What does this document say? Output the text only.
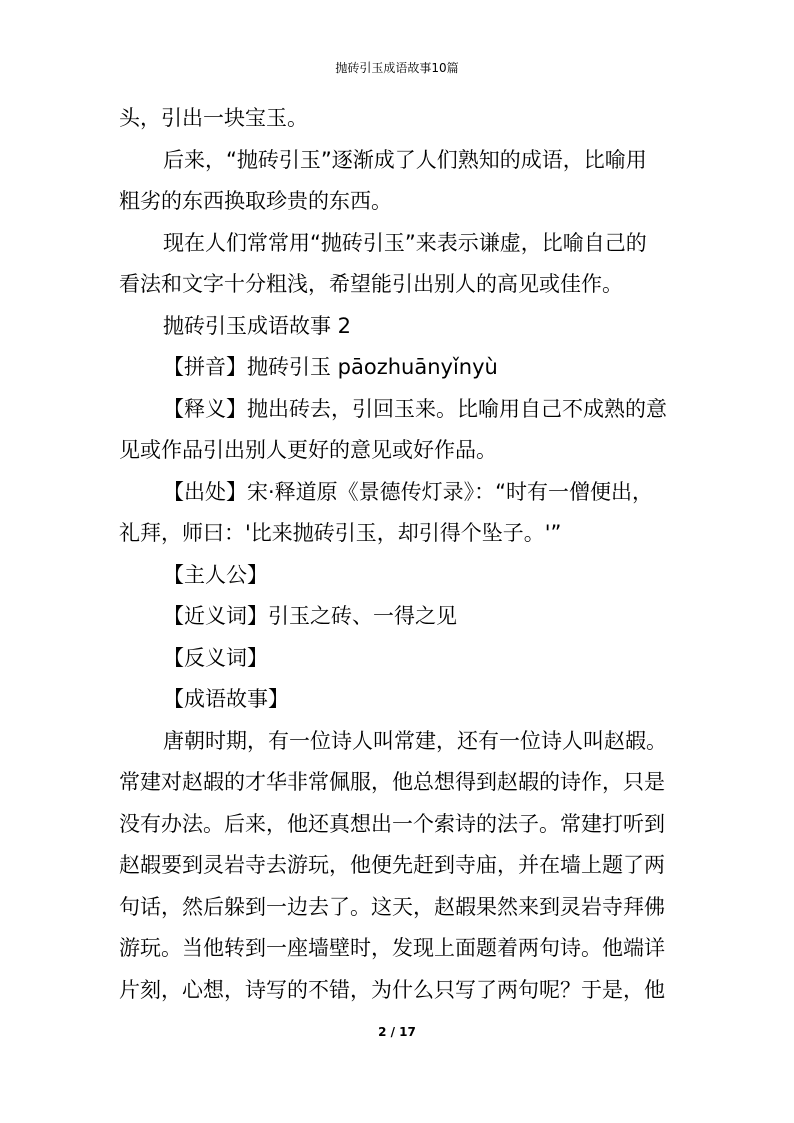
抛砖引玉成语故事10篇
头，引出一块宝玉。
后来，“抛砖引玉”逐渐成了人们熟知的成语，比喻用
粗劣的东西换取珍贵的东西。
现在人们常常用“抛砖引玉”来表示谦虚，比喻自己的
看法和文字十分粗浅，希望能引出别人的高见或佳作。
抛砖引玉成语故事 2
【拼音】抛砖引玉 pāozhuānyǐnyù
【释义】抛出砖去，引回玉来。比喻用自己不成熟的意
见或作品引出别人更好的意见或好作品。
【出处】宋·释道原《景德传灯录》：“时有一僧便出，
礼拜，师曰：'比来抛砖引玉，却引得个坠子。'”
【主人公】
【近义词】引玉之砖、一得之见
【反义词】
【成语故事】
唐朝时期，有一位诗人叫常建，还有一位诗人叫赵嘏。
常建对赵嘏的才华非常佩服，他总想得到赵嘏的诗作，只是
没有办法。后来，他还真想出一个索诗的法子。常建打听到
赵嘏要到灵岩寺去游玩，他便先赶到寺庙，并在墙上题了两
句话，然后躲到一边去了。这天，赵嘏果然来到灵岩寺拜佛
游玩。当他转到一座墙壁时，发现上面题着两句诗。他端详
片刻，心想，诗写的不错，为什么只写了两句呢？于是，他
2 / 17
